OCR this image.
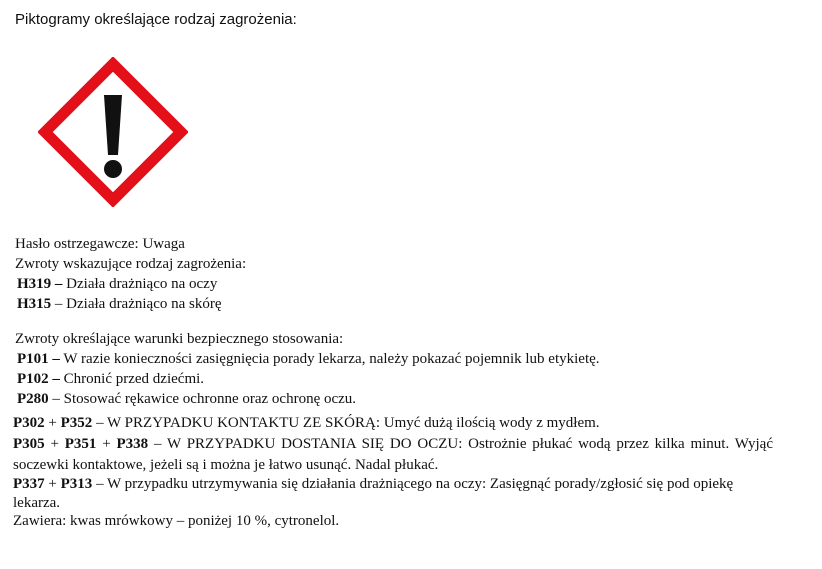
Piktogramy określające rodzaj zagrożenia:
Hasło ostrzegawcze: Uwaga
Zwroty wskazujące rodzaj zagrożenia:
H319 – Działa drażniąco na oczy
H315 – Działa drażniąco na skórę
Zwroty określające warunki bezpiecznego stosowania:
P101 – W razie konieczności zasięgnięcia porady lekarza, należy pokazać pojemnik lub etykietę.
P102 – Chronić przed dziećmi.
P280 – Stosować rękawice ochronne oraz ochronę oczu.
P302 + P352 – W PRZYPADKU KONTAKTU ZE SKÓRĄ: Umyć dużą ilością wody z mydłem.
P305 + P351 + P338 – W PRZYPADKU DOSTANIA SIĘ DO OCZU: Ostrożnie płukać wodą przez kilka minut. Wyjąć soczewki kontaktowe, jeżeli są i można je łatwo usunąć. Nadal płukać.
P337 + P313 – W przypadku utrzymywania się działania drażniącego na oczy: Zasięgnąć porady/zgłosić się pod opiekę lekarza.
Zawiera: kwas mrówkowy – poniżej 10 %, cytronelol.
